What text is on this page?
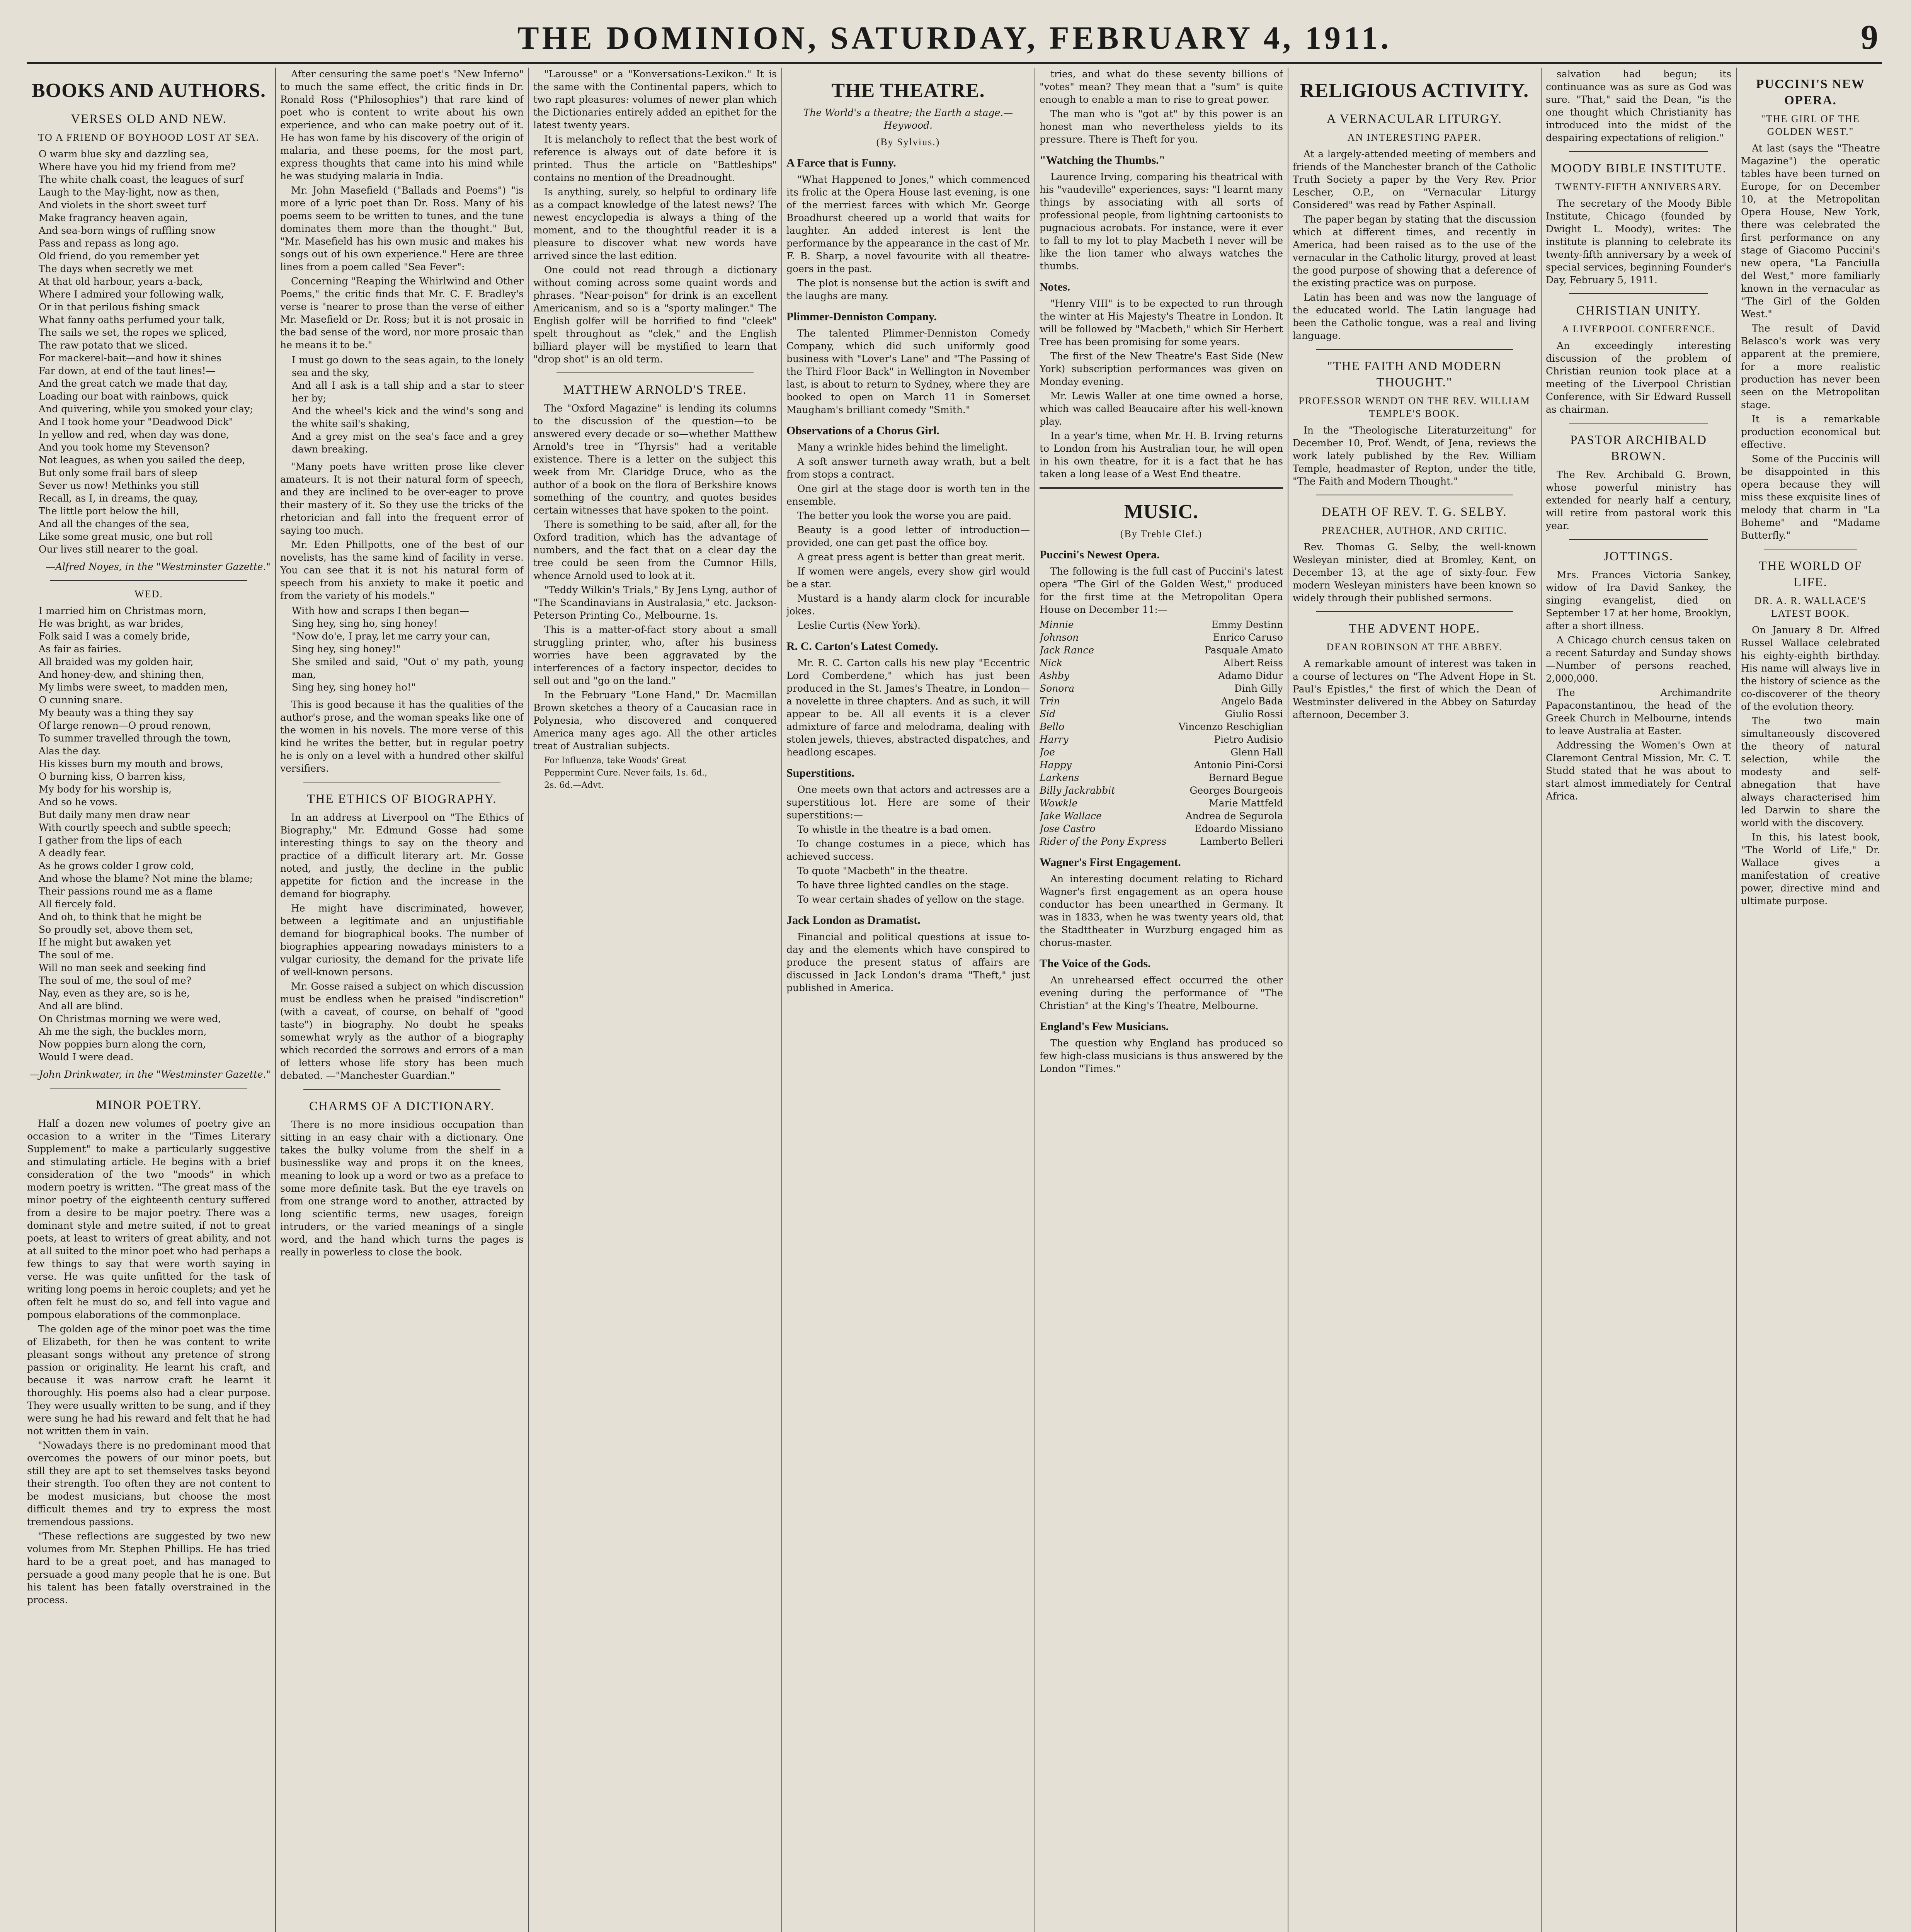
THE DOMINION, SATURDAY, FEBRUARY 4, 1911.	9
BOOKS AND AUTHORS.
VERSES OLD AND NEW.
TO A FRIEND OF BOYHOOD LOST AT SEA.

O warm blue sky and dazzling sea,

Where have you hid my friend from me?

The white chalk coast, the leagues of surf

Laugh to the May-light, now as then,

And violets in the short sweet turf

Make fragrancy heaven again,

And sea-born wings of ruffling snow

Pass and repass as long ago.

Old friend, do you remember yet

The days when secretly we met

At that old harbour, years a-back,

Where I admired your following walk,

Or in that perilous fishing smack

What fanny oaths perfumed your talk,

The sails we set, the ropes we spliced,

The raw potato that we sliced.

For mackerel-bait—and how it shines

Far down, at end of the taut lines!—

And the great catch we made that day,

Loading our boat with rainbows, quick

And quivering, while you smoked your clay;

And I took home your "Deadwood Dick"

In yellow and red, when day was done,

And you took home my Stevenson?

Not leagues, as when you sailed the deep,

But only some frail bars of sleep

Sever us now! Methinks you still

Recall, as I, in dreams, the quay,

The little port below the hill,

And all the changes of the sea,

Like some great music, one but roll

Our lives still nearer to the goal.

—Alfred Noyes, in the "Westminster Gazette."
WED.

I married him on Christmas morn,

He was bright, as war brides,

Folk said I was a comely bride,

As fair as fairies.

All braided was my golden hair,

And honey-dew, and shining then,

My limbs were sweet, to madden men,

O cunning snare.

My beauty was a thing they say

Of large renown—O proud renown,

To summer travelled through the town,

Alas the day.

His kisses burn my mouth and brows,

O burning kiss, O barren kiss,

My body for his worship is,

And so he vows.

But daily many men draw near

With courtly speech and subtle speech;

I gather from the lips of each

A deadly fear.

As he grows colder I grow cold,

And whose the blame? Not mine the blame;

Their passions round me as a flame

All fiercely fold.

And oh, to think that he might be

So proudly set, above them set,

If he might but awaken yet

The soul of me.

Will no man seek and seeking find

The soul of me, the soul of me?

Nay, even as they are, so is he,

And all are blind.

On Christmas morning we were wed,

Ah me the sigh, the buckles morn,

Now poppies burn along the corn,

Would I were dead.

—John Drinkwater, in the "Westminster Gazette."
MINOR POETRY.

Half a dozen new volumes of poetry give an occasion to a writer in the "Times Literary Supplement" to make a particularly suggestive and stimulating article. He begins with a brief consideration of the two "moods" in which modern poetry is written. "The great mass of the minor poetry of the eighteenth century suffered from a desire to be major poetry. There was a dominant style and metre suited, if not to great poets, at least to writers of great ability, and not at all suited to the minor poet who had perhaps a few things to say that were worth saying in verse. He was quite unfitted for the task of writing long poems in heroic couplets; and yet he often felt he must do so, and fell into vague and pompous elaborations of the commonplace.

The golden age of the minor poet was the time of Elizabeth, for then he was content to write pleasant songs without any pretence of strong passion or originality. He learnt his craft, and because it was narrow craft he learnt it thoroughly. His poems also had a clear purpose. They were usually written to be sung, and if they were sung he had his reward and felt that he had not written them in vain.

"Nowadays there is no predominant mood that overcomes the powers of our minor poets, but still they are apt to set themselves tasks beyond their strength. Too often they are not content to be modest musicians, but choose the most difficult themes and try to express the most tremendous passions.

"These reflections are suggested by two new volumes from Mr. Stephen Phillips. He has tried hard to be a great poet, and has managed to persuade a good many people that he is one. But his talent has been fatally overstrained in the process.

After censuring the same poet's "New Inferno" to much the same effect, the critic finds in Dr. Ronald Ross ("Philosophies") that rare kind of poet who is content to write about his own experience, and who can make poetry out of it. He has won fame by his discovery of the origin of malaria, and these poems, for the most part, express thoughts that came into his mind while he was studying malaria in India.

Mr. John Masefield ("Ballads and Poems") "is more of a lyric poet than Dr. Ross. Many of his poems seem to be written to tunes, and the tune dominates them more than the thought." But, "Mr. Masefield has his own music and makes his songs out of his own experience." Here are three lines from a poem called "Sea Fever":

Concerning "Reaping the Whirlwind and Other Poems," the critic finds that Mr. C. F. Bradley's verse is "nearer to prose than the verse of either Mr. Masefield or Dr. Ross; but it is not prosaic in the bad sense of the word, nor more prosaic than he means it to be."

I must go down to the seas again, to the lonely sea and the sky,

And all I ask is a tall ship and a star to steer her by;

And the wheel's kick and the wind's song and the white sail's shaking,

And a grey mist on the sea's face and a grey dawn breaking.

"Many poets have written prose like clever amateurs. It is not their natural form of speech, and they are inclined to be over-eager to prove their mastery of it. So they use the tricks of the rhetorician and fall into the frequent error of saying too much.

Mr. Eden Phillpotts, one of the best of our novelists, has the same kind of facility in verse. You can see that it is not his natural form of speech from his anxiety to make it poetic and from the variety of his models."

With how and scraps I then began—

Sing hey, sing ho, sing honey!

"Now do'e, I pray, let me carry your can,

Sing hey, sing honey!"

She smiled and said, "Out o' my path, young man,

Sing hey, sing honey ho!"

This is good because it has the qualities of the author's prose, and the woman speaks like one of the women in his novels. The more verse of this kind he writes the better, but in regular poetry he is only on a level with a hundred other skilful versifiers.

THE ETHICS OF BIOGRAPHY.

In an address at Liverpool on "The Ethics of Biography," Mr. Edmund Gosse had some interesting things to say on the theory and practice of a difficult literary art. Mr. Gosse noted, and justly, the decline in the public appetite for fiction and the increase in the demand for biography.

He might have discriminated, however, between a legitimate and an unjustifiable demand for biographical books. The number of biographies appearing nowadays ministers to a vulgar curiosity, the demand for the private life of well-known persons.

Mr. Gosse raised a subject on which discussion must be endless when he praised "indiscretion" (with a caveat, of course, on behalf of "good taste") in biography. No doubt he speaks somewhat wryly as the author of a biography which recorded the sorrows and errors of a man of letters whose life story has been much debated. —"Manchester Guardian."

CHARMS OF A DICTIONARY.

There is no more insidious occupation than sitting in an easy chair with a dictionary. One takes the bulky volume from the shelf in a businesslike way and props it on the knees, meaning to look up a word or two as a preface to some more definite task. But the eye travels on from one strange word to another, attracted by long scientific terms, new usages, foreign intruders, or the varied meanings of a single word, and the hand which turns the pages is really in powerless to close the book.

"Larousse" or a "Konversations-Lexikon." It is the same with the Continental papers, which to two rapt pleasures: volumes of newer plan which the Dictionaries entirely added an epithet for the latest twenty years.

It is melancholy to reflect that the best work of reference is always out of date before it is printed. Thus the article on "Battleships" contains no mention of the Dreadnought.

Is anything, surely, so helpful to ordinary life as a compact knowledge of the latest news? The newest encyclopedia is always a thing of the moment, and to the thoughtful reader it is a pleasure to discover what new words have arrived since the last edition.

One could not read through a dictionary without coming across some quaint words and phrases. "Near-poison" for drink is an excellent Americanism, and so is a "sporty malinger." The English golfer will be horrified to find "cleek" spelt throughout as "clek," and the English billiard player will be mystified to learn that "drop shot" is an old term.

MATTHEW ARNOLD'S TREE.

The "Oxford Magazine" is lending its columns to the discussion of the question—to be answered every decade or so—whether Matthew Arnold's tree in "Thyrsis" had a veritable existence. There is a letter on the subject this week from Mr. Claridge Druce, who as the author of a book on the flora of Berkshire knows something of the country, and quotes besides certain witnesses that have spoken to the point.

There is something to be said, after all, for the Oxford tradition, which has the advantage of numbers, and the fact that on a clear day the tree could be seen from the Cumnor Hills, whence Arnold used to look at it.

"Teddy Wilkin's Trials," By Jens Lyng, author of "The Scandinavians in Australasia," etc. Jackson-Peterson Printing Co., Melbourne. 1s.

This is a matter-of-fact story about a small struggling printer, who, after his business worries have been aggravated by the interferences of a factory inspector, decides to sell out and "go on the land."

In the February "Lone Hand," Dr. Macmillan Brown sketches a theory of a Caucasian race in Polynesia, who discovered and conquered America many ages ago. All the other articles treat of Australian subjects.

For Influenza, take Woods' Great

Peppermint Cure. Never fails, 1s. 6d.,

2s. 6d.—Advt.

THE THEATRE.
The World's a theatre; the Earth a stage.—Heywood.
(By Sylvius.)
A Farce that is Funny.

"What Happened to Jones," which commenced its frolic at the Opera House last evening, is one of the merriest farces with which Mr. George Broadhurst cheered up a world that waits for laughter. An added interest is lent the performance by the appearance in the cast of Mr. F. B. Sharp, a novel favourite with all theatre-goers in the past.

The plot is nonsense but the action is swift and the laughs are many.

Plimmer-Denniston Company.

The talented Plimmer-Denniston Comedy Company, which did such uniformly good business with "Lover's Lane" and "The Passing of the Third Floor Back" in Wellington in November last, is about to return to Sydney, where they are booked to open on March 11 in Somerset Maugham's brilliant comedy "Smith."

Observations of a Chorus Girl.

Many a wrinkle hides behind the limelight.

A soft answer turneth away wrath, but a belt from stops a contract.

One girl at the stage door is worth ten in the ensemble.

The better you look the worse you are paid.

Beauty is a good letter of introduction—provided, one can get past the office boy.

A great press agent is better than great merit.

If women were angels, every show girl would be a star.

Mustard is a handy alarm clock for incurable jokes.

Leslie Curtis (New York).

R. C. Carton's Latest Comedy.

Mr. R. C. Carton calls his new play "Eccentric Lord Comberdene," which has just been produced in the St. James's Theatre, in London—a novelette in three chapters. And as such, it will appear to be. All all events it is a clever admixture of farce and melodrama, dealing with stolen jewels, thieves, abstracted dispatches, and headlong escapes.

Superstitions.

One meets own that actors and actresses are a superstitious lot. Here are some of their superstitions:—

To whistle in the theatre is a bad omen.

To change costumes in a piece, which has achieved success.

To quote "Macbeth" in the theatre.

To have three lighted candles on the stage.

To wear certain shades of yellow on the stage.

Jack London as Dramatist.

Financial and political questions at issue to-day and the elements which have conspired to produce the present status of affairs are discussed in Jack London's drama "Theft," just published in America.

tries, and what do these seventy billions of "votes" mean? They mean that a "sum" is quite enough to enable a man to rise to great power.

The man who is "got at" by this power is an honest man who nevertheless yields to its pressure. There is Theft for you.

"Watching the Thumbs."

Laurence Irving, comparing his theatrical with his "vaudeville" experiences, says: "I learnt many things by associating with all sorts of professional people, from lightning cartoonists to pugnacious acrobats. For instance, were it ever to fall to my lot to play Macbeth I never will be like the lion tamer who always watches the thumbs.

Notes.

"Henry VIII" is to be expected to run through the winter at His Majesty's Theatre in London. It will be followed by "Macbeth," which Sir Herbert Tree has been promising for some years.

The first of the New Theatre's East Side (New York) subscription performances was given on Monday evening.

Mr. Lewis Waller at one time owned a horse, which was called Beaucaire after his well-known play.

In a year's time, when Mr. H. B. Irving returns to London from his Australian tour, he will open in his own theatre, for it is a fact that he has taken a long lease of a West End theatre.

MUSIC.
(By Treble Clef.)
Puccini's Newest Opera.

The following is the full cast of Puccini's latest opera "The Girl of the Golden West," produced for the first time at the Metropolitan Opera House on December 11:—

Minnie	Emmy Destinn
Johnson	Enrico Caruso
Jack Rance	Pasquale Amato
Nick	Albert Reiss
Ashby	Adamo Didur
Sonora	Dinh Gilly
Trin	Angelo Bada
Sid	Giulio Rossi
Bello	Vincenzo Reschiglian
Harry	Pietro Audisio
Joe	Glenn Hall
Happy	Antonio Pini-Corsi
Larkens	Bernard Begue
Billy Jackrabbit	Georges Bourgeois
Wowkle	Marie Mattfeld
Jake Wallace	Andrea de Segurola
Jose Castro	Edoardo Missiano
Rider of the Pony Express	Lamberto Belleri
Wagner's First Engagement.

An interesting document relating to Richard Wagner's first engagement as an opera house conductor has been unearthed in Germany. It was in 1833, when he was twenty years old, that the Stadttheater in Wurzburg engaged him as chorus-master.

The Voice of the Gods.

An unrehearsed effect occurred the other evening during the performance of "The Christian" at the King's Theatre, Melbourne.

England's Few Musicians.

The question why England has produced so few high-class musicians is thus answered by the London "Times."

RELIGIOUS ACTIVITY.
A VERNACULAR LITURGY.
AN INTERESTING PAPER.

At a largely-attended meeting of members and friends of the Manchester branch of the Catholic Truth Society a paper by the Very Rev. Prior Lescher, O.P., on "Vernacular Liturgy Considered" was read by Father Aspinall.

The paper began by stating that the discussion which at different times, and recently in America, had been raised as to the use of the vernacular in the Catholic liturgy, proved at least the good purpose of showing that a deference of the existing practice was on purpose.

Latin has been and was now the language of the educated world. The Latin language had been the Catholic tongue, was a real and living language.

"THE FAITH AND MODERN THOUGHT."
PROFESSOR WENDT ON THE REV. WILLIAM TEMPLE'S BOOK.

In the "Theologische Literaturzeitung" for December 10, Prof. Wendt, of Jena, reviews the work lately published by the Rev. William Temple, headmaster of Repton, under the title, "The Faith and Modern Thought."

DEATH OF REV. T. G. SELBY.
PREACHER, AUTHOR, AND CRITIC.

Rev. Thomas G. Selby, the well-known Wesleyan minister, died at Bromley, Kent, on December 13, at the age of sixty-four. Few modern Wesleyan ministers have been known so widely through their published sermons.

THE ADVENT HOPE.
DEAN ROBINSON AT THE ABBEY.

A remarkable amount of interest was taken in a course of lectures on "The Advent Hope in St. Paul's Epistles," the first of which the Dean of Westminster delivered in the Abbey on Saturday afternoon, December 3.

salvation had begun; its continuance was as sure as God was sure. "That," said the Dean, "is the one thought which Christianity has introduced into the midst of the despairing expectations of religion."

MOODY BIBLE INSTITUTE.
TWENTY-FIFTH ANNIVERSARY.

The secretary of the Moody Bible Institute, Chicago (founded by Dwight L. Moody), writes: The institute is planning to celebrate its twenty-fifth anniversary by a week of special services, beginning Founder's Day, February 5, 1911.

CHRISTIAN UNITY.
A LIVERPOOL CONFERENCE.

An exceedingly interesting discussion of the problem of Christian reunion took place at a meeting of the Liverpool Christian Conference, with Sir Edward Russell as chairman.

PASTOR ARCHIBALD BROWN.

The Rev. Archibald G. Brown, whose powerful ministry has extended for nearly half a century, will retire from pastoral work this year.

JOTTINGS.

Mrs. Frances Victoria Sankey, widow of Ira David Sankey, the singing evangelist, died on September 17 at her home, Brooklyn, after a short illness.

A Chicago church census taken on a recent Saturday and Sunday shows—Number of persons reached, 2,000,000.

The Archimandrite Papaconstantinou, the head of the Greek Church in Melbourne, intends to leave Australia at Easter.

Addressing the Women's Own at Claremont Central Mission, Mr. C. T. Studd stated that he was about to start almost immediately for Central Africa.

PUCCINI'S NEW OPERA.
"THE GIRL OF THE GOLDEN WEST."

At last (says the "Theatre Magazine") the operatic tables have been turned on Europe, for on December 10, at the Metropolitan Opera House, New York, there was celebrated the first performance on any stage of Giacomo Puccini's new opera, "La Fanciulla del West," more familiarly known in the vernacular as "The Girl of the Golden West."

The result of David Belasco's work was very apparent at the premiere, for a more realistic production has never been seen on the Metropolitan stage.

It is a remarkable production economical but effective.

Some of the Puccinis will be disappointed in this opera because they will miss these exquisite lines of melody that charm in "La Boheme" and "Madame Butterfly."

THE WORLD OF LIFE.
DR. A. R. WALLACE'S LATEST BOOK.

On January 8 Dr. Alfred Russel Wallace celebrated his eighty-eighth birthday. His name will always live in the history of science as the co-discoverer of the theory of the evolution theory.

The two main simultaneously discovered the theory of natural selection, while the modesty and self-abnegation that have always characterised him led Darwin to share the world with the discovery.

In this, his latest book, "The World of Life," Dr. Wallace gives a manifestation of creative power, directive mind and ultimate purpose.
